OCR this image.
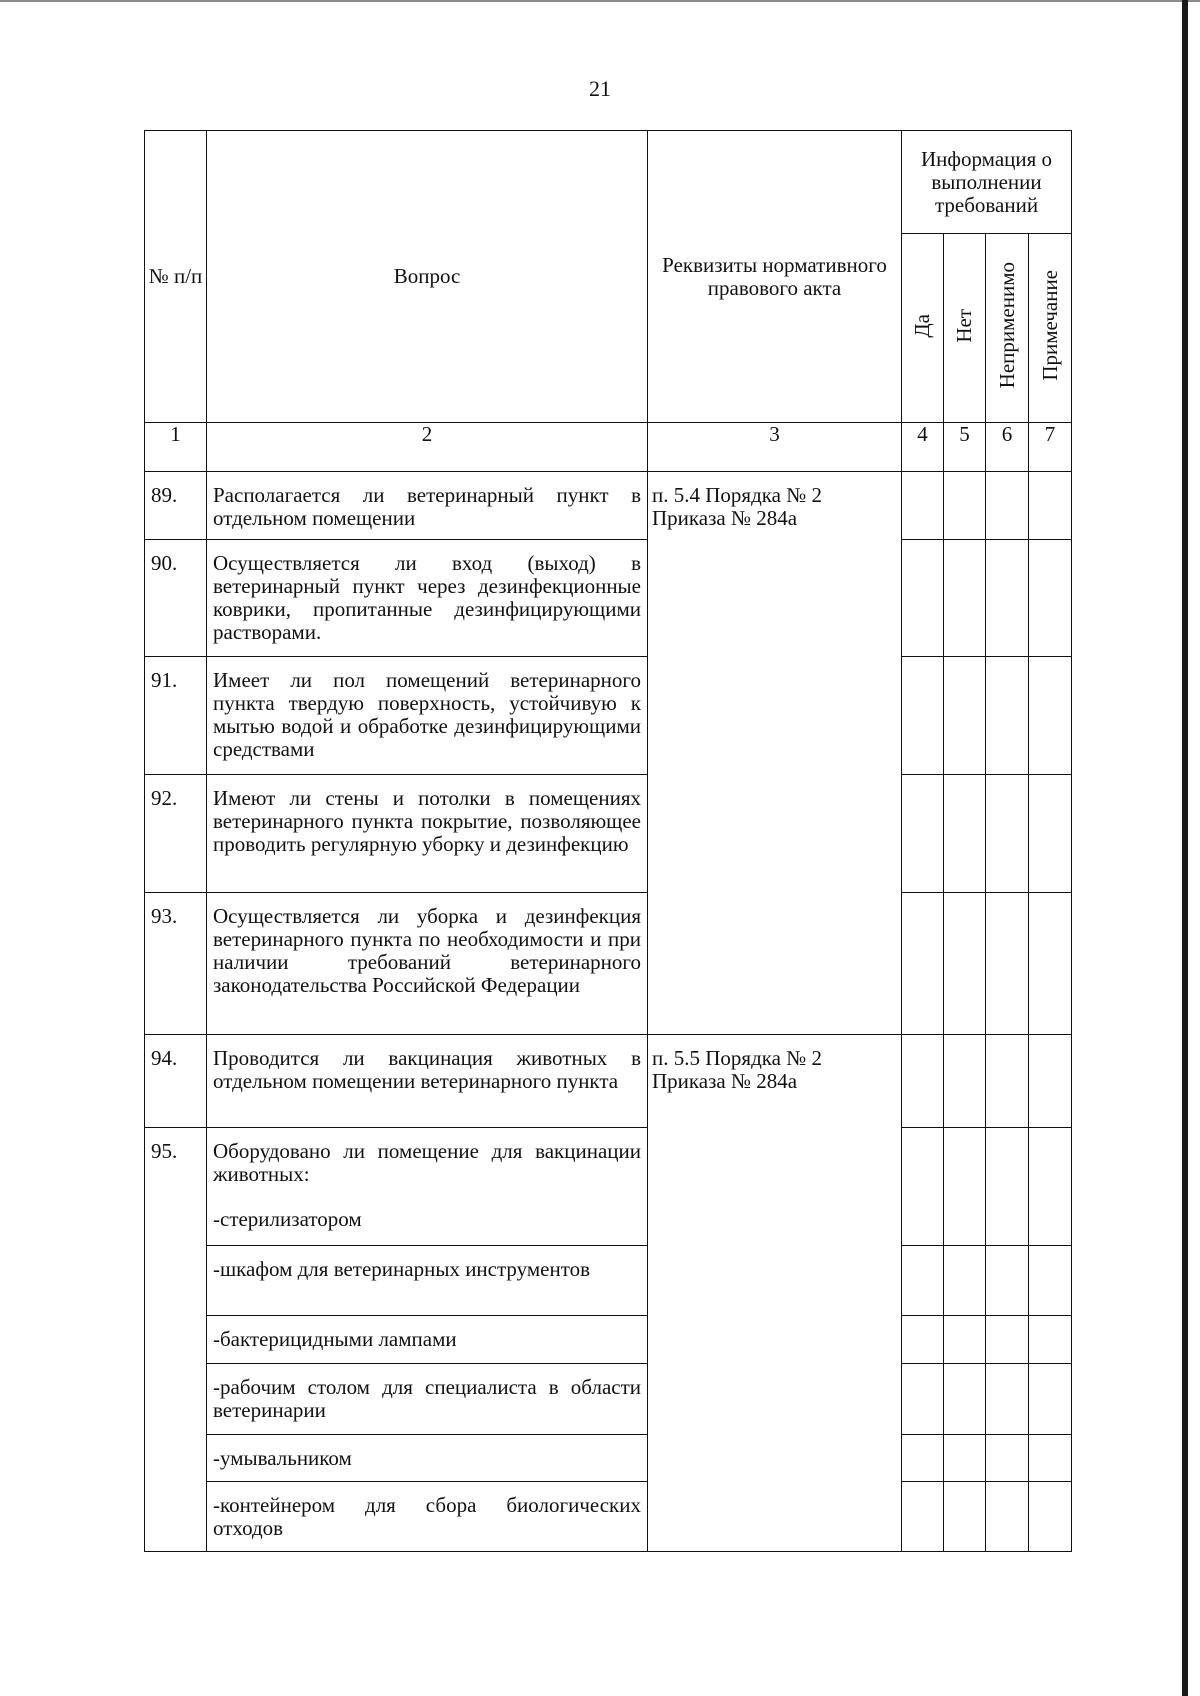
21
№ п/п	Вопрос	Реквизиты нормативного правового акта	Информация о выполнении требований			
			Да	Нет	Неприменимо	Примечание
1	2	3	4	5	6	7
89.	Располагается ли ветеринарный пункт в отдельном помещении	п. 5.4 Порядка № 2 Приказа № 284а				
90.	Осуществляется ли вход (выход) в ветеринарный пункт через дезинфекционные коврики, пропитанные дезинфицирующими растворами.					
91.	Имеет ли пол помещений ветеринарного пункта твердую поверхность, устойчивую к мытью водой и обработке дезинфицирующими средствами					
92.	Имеют ли стены и потолки в помещениях ветеринарного пункта покрытие, позволяющее проводить регулярную уборку и дезинфекцию					
93.	Осуществляется ли уборка и дезинфекция ветеринарного пункта по необходимости и при наличии требований ветеринарного законодательства Российской Федерации					
94.	Проводится ли вакцинация животных в отдельном помещении ветеринарного пункта	п. 5.5 Порядка № 2 Приказа № 284а				
95.	Оборудовано ли помещение для вакцинации животных:
-стерилизатором					
	-шкафом для ветеринарных инструментов					
	-бактерицидными лампами					
	-рабочим столом для специалиста в области ветеринарии					
	-умывальником					
	-контейнером для сбора биологических отходов					
